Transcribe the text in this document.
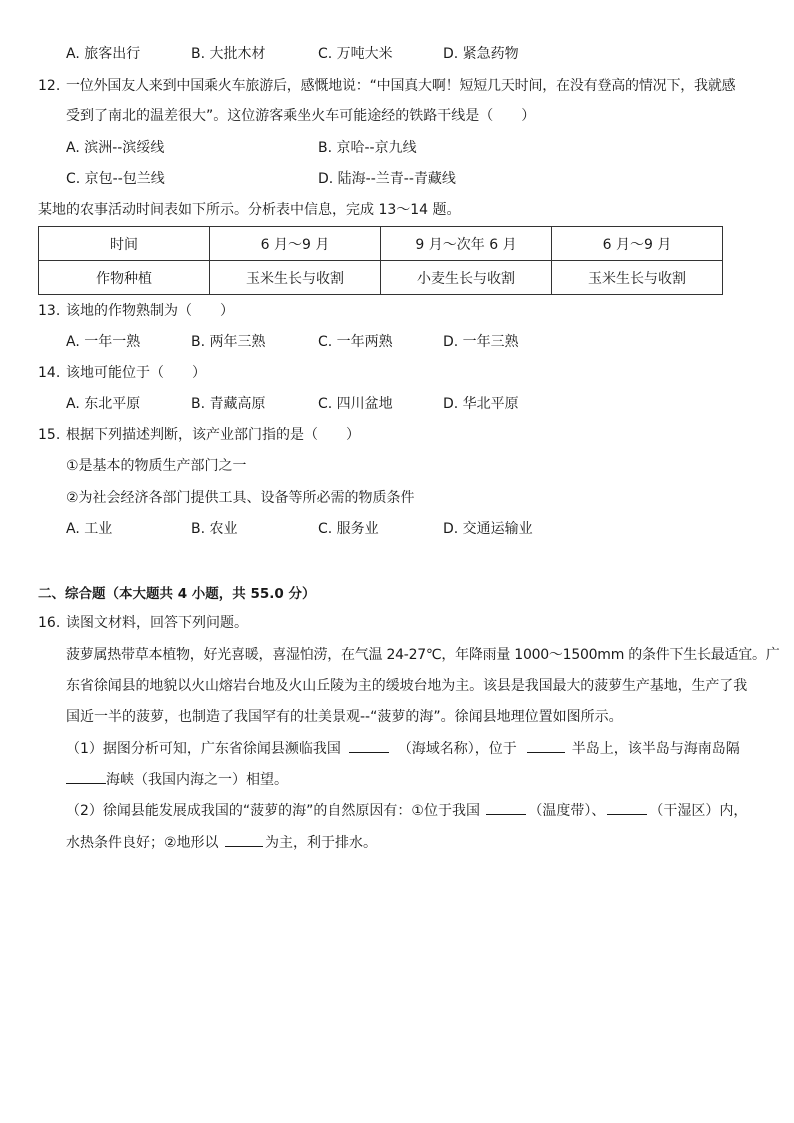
A. 旅客出行	B. 大批木材	C. 万吨大米	D. 紧急药物
12. 一位外国友人来到中国乘火车旅游后，感慨地说：“中国真大啊！短短几天时间，在没有登高的情况下，我就感
受到了南北的温差很大”。这位游客乘坐火车可能途经的铁路干线是（　　）
A. 滨洲--滨绥线	B. 京哈--京九线
C. 京包--包兰线	D. 陆海--兰青--青藏线
某地的农事活动时间表如下所示。分析表中信息，完成 13～14 题。
时间	6 月～9 月	9 月～次年 6 月	6 月～9 月
作物种植	玉米生长与收割	小麦生长与收割	玉米生长与收割
13. 该地的作物熟制为（　　）
A. 一年一熟	B. 两年三熟	C. 一年两熟	D. 一年三熟
14. 该地可能位于（　　）
A. 东北平原	B. 青藏高原	C. 四川盆地	D. 华北平原
15. 根据下列描述判断，该产业部门指的是（　　）
①是基本的物质生产部门之一
②为社会经济各部门提供工具、设备等所必需的物质条件
A. 工业	B. 农业	C. 服务业	D. 交通运输业
二、综合题（本大题共 4 小题，共 55.0 分）
16. 读图文材料，回答下列问题。
菠萝属热带草本植物，好光喜暖，喜湿怕涝，在气温 24-27℃，年降雨量 1000～1500mm 的条件下生长最适宜。广
东省徐闻县的地貌以火山熔岩台地及火山丘陵为主的缓坡台地为主。该县是我国最大的菠萝生产基地，生产了我
国近一半的菠萝，也制造了我国罕有的壮美景观--“菠萝的海”。徐闻县地理位置如图所示。
（1）据图分析可知，广东省徐闻县濒临我国	（海域名称），位于	半岛上，该半岛与海南岛隔
海峡（我国内海之一）相望。
（2）徐闻县能发展成我国的“菠萝的海”的自然原因有：①位于我国	（温度带）、	（干湿区）内，
水热条件良好；②地形以	为主，利于排水。
